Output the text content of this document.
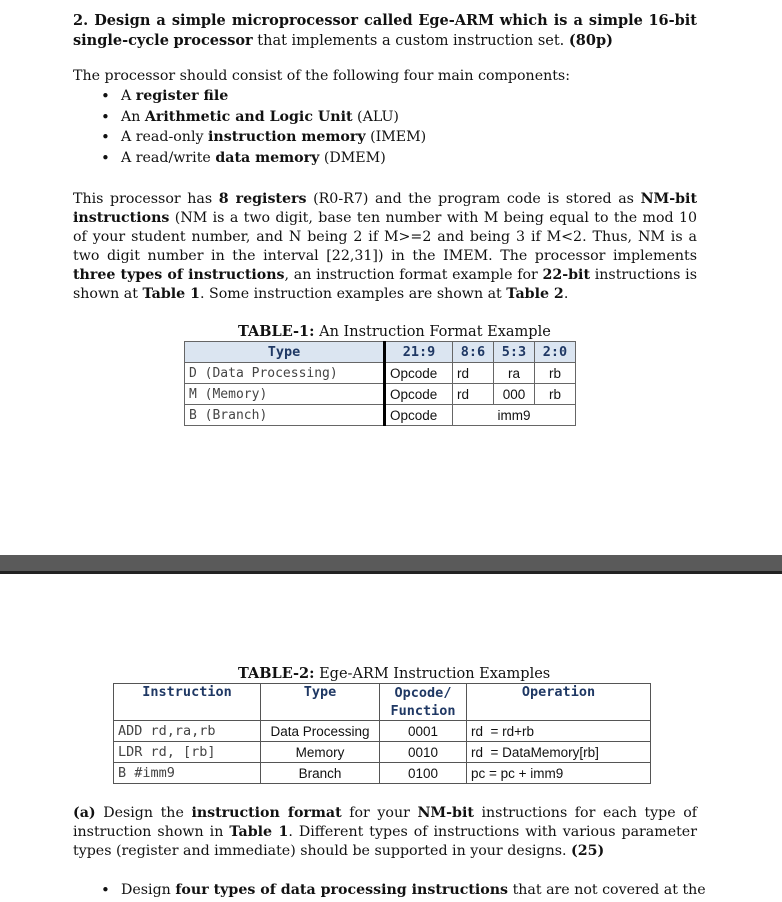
2. Design a simple microprocessor called Ege-ARM which is a simple 16-bit single-cycle processor that implements a custom instruction set. (80p)
The processor should consist of the following four main components:
• A register file
• An Arithmetic and Logic Unit (ALU)
• A read-only instruction memory (IMEM)
• A read/write data memory (DMEM)
This processor has 8 registers (R0-R7) and the program code is stored as NM-bit instructions (NM is a two digit, base ten number with M being equal to the mod 10 of your student number, and N being 2 if M>=2 and being 3 if M<2. Thus, NM is a two digit number in the interval [22,31]) in the IMEM. The processor implements three types of instructions, an instruction format example for 22-bit instructions is shown at Table 1. Some instruction examples are shown at Table 2.
TABLE-1: An Instruction Format Example
Type	21:9	8:6	5:3	2:0
D (Data Processing)	Opcode	rd	ra	rb
M (Memory)	Opcode	rd	000	rb
B (Branch)	Opcode	imm9		
TABLE-2: Ege-ARM Instruction Examples
Instruction	Type	Opcode/ Function	Operation
ADD rd,ra,rb	Data Processing	0001	rd  = rd+rb
LDR rd, [rb]	Memory	0010	rd  = DataMemory[rb]
B #imm9	Branch	0100	pc = pc + imm9
(a) Design the instruction format for your NM-bit instructions for each type of instruction shown in Table 1. Different types of instructions with various parameter types (register and immediate) should be supported in your designs. (25)
• Design four types of data processing instructions that are not covered at the
